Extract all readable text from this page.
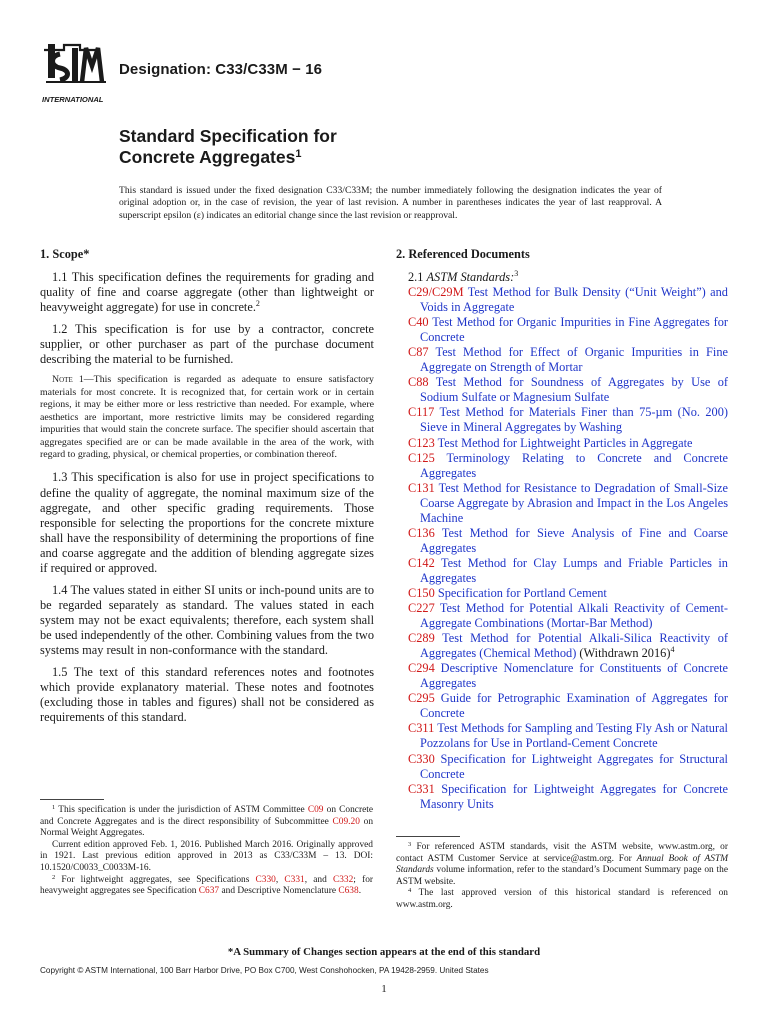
INTERNATIONAL
Designation: C33/C33M − 16
Standard Specification for
Concrete Aggregates$^1$
This standard is issued under the fixed designation C33/C33M; the number immediately following the designation indicates the year of original adoption or, in the case of revision, the year of last revision. A number in parentheses indicates the year of last reapproval. A superscript epsilon (ε) indicates an editorial change since the last revision or reapproval.
1. Scope*

1.1 This specification defines the requirements for grading and quality of fine and coarse aggregate (other than lightweight or heavyweight aggregate) for use in concrete.$^2$

1.2 This specification is for use by a contractor, concrete supplier, or other purchaser as part of the purchase document describing the material to be furnished.

Note 1—This specification is regarded as adequate to ensure satisfactory materials for most concrete. It is recognized that, for certain work or in certain regions, it may be either more or less restrictive than needed. For example, where aesthetics are important, more restrictive limits may be considered regarding impurities that would stain the concrete surface. The specifier should ascertain that aggregates specified are or can be made available in the area of the work, with regard to grading, physical, or chemical properties, or combination thereof.

1.3 This specification is also for use in project specifications to define the quality of aggregate, the nominal maximum size of the aggregate, and other specific grading requirements. Those responsible for selecting the proportions for the concrete mixture shall have the responsibility of determining the proportions of fine and coarse aggregate and the addition of blending aggregate sizes if required or approved.

1.4 The values stated in either SI units or inch-pound units are to be regarded separately as standard. The values stated in each system may not be exact equivalents; therefore, each system shall be used independently of the other. Combining values from the two systems may result in non-conformance with the standard.

1.5 The text of this standard references notes and footnotes which provide explanatory material. These notes and footnotes (excluding those in tables and figures) shall not be considered as requirements of this standard.

2. Referenced Documents
2.1 ASTM Standards:$^3$
C29/C29M Test Method for Bulk Density (“Unit Weight”) and Voids in Aggregate
C40 Test Method for Organic Impurities in Fine Aggregates for Concrete
C87 Test Method for Effect of Organic Impurities in Fine Aggregate on Strength of Mortar
C88 Test Method for Soundness of Aggregates by Use of Sodium Sulfate or Magnesium Sulfate
C117 Test Method for Materials Finer than 75-µm (No. 200) Sieve in Mineral Aggregates by Washing
C123 Test Method for Lightweight Particles in Aggregate
C125 Terminology Relating to Concrete and Concrete Aggregates
C131 Test Method for Resistance to Degradation of Small-Size Coarse Aggregate by Abrasion and Impact in the Los Angeles Machine
C136 Test Method for Sieve Analysis of Fine and Coarse Aggregates
C142 Test Method for Clay Lumps and Friable Particles in Aggregates
C150 Specification for Portland Cement
C227 Test Method for Potential Alkali Reactivity of Cement-Aggregate Combinations (Mortar-Bar Method)
C289 Test Method for Potential Alkali-Silica Reactivity of Aggregates (Chemical Method) (Withdrawn 2016)$^4$
C294 Descriptive Nomenclature for Constituents of Concrete Aggregates
C295 Guide for Petrographic Examination of Aggregates for Concrete
C311 Test Methods for Sampling and Testing Fly Ash or Natural Pozzolans for Use in Portland-Cement Concrete
C330 Specification for Lightweight Aggregates for Structural Concrete
C331 Specification for Lightweight Aggregates for Concrete Masonry Units

$^1$ This specification is under the jurisdiction of ASTM Committee C09 on Concrete and Concrete Aggregates and is the direct responsibility of Subcommittee C09.20 on Normal Weight Aggregates.

Current edition approved Feb. 1, 2016. Published March 2016. Originally approved in 1921. Last previous edition approved in 2013 as C33/C33M – 13. DOI: 10.1520/C0033_C0033M-16.

$^2$ For lightweight aggregates, see Specifications C330, C331, and C332; for heavyweight aggregates see Specification C637 and Descriptive Nomenclature C638.

$^3$ For referenced ASTM standards, visit the ASTM website, www.astm.org, or contact ASTM Customer Service at service@astm.org. For Annual Book of ASTM Standards volume information, refer to the standard’s Document Summary page on the ASTM website.

$^4$ The last approved version of this historical standard is referenced on www.astm.org.

*A Summary of Changes section appears at the end of this standard
Copyright © ASTM International, 100 Barr Harbor Drive, PO Box C700, West Conshohocken, PA 19428-2959. United States
1
